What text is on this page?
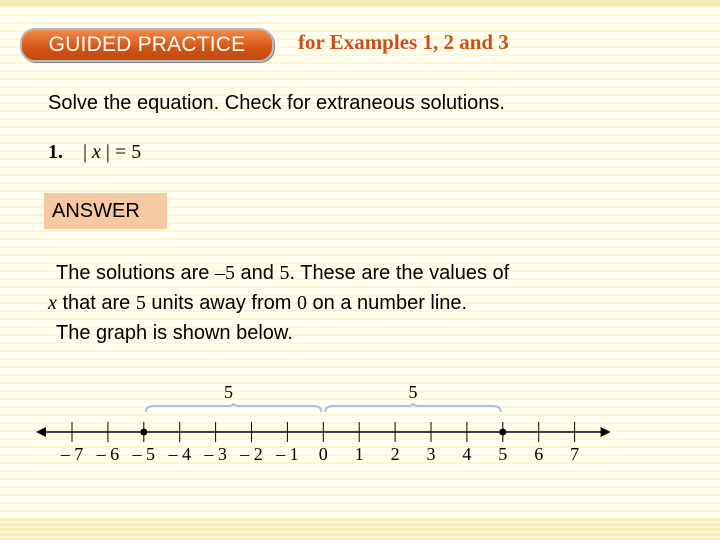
GUIDED PRACTICE	for Examples 1, 2 and 3
Solve the equation. Check for extraneous solutions.
1. | x | = 5
ANSWER
The solutions are –5 and 5. These are the values of
x that are 5 units away from 0 on a number line.
The graph is shown below.
– 7 – 6 – 5 – 4 – 3 – 2 – 1 0 1 2 3 4 5 6 7
5	5
